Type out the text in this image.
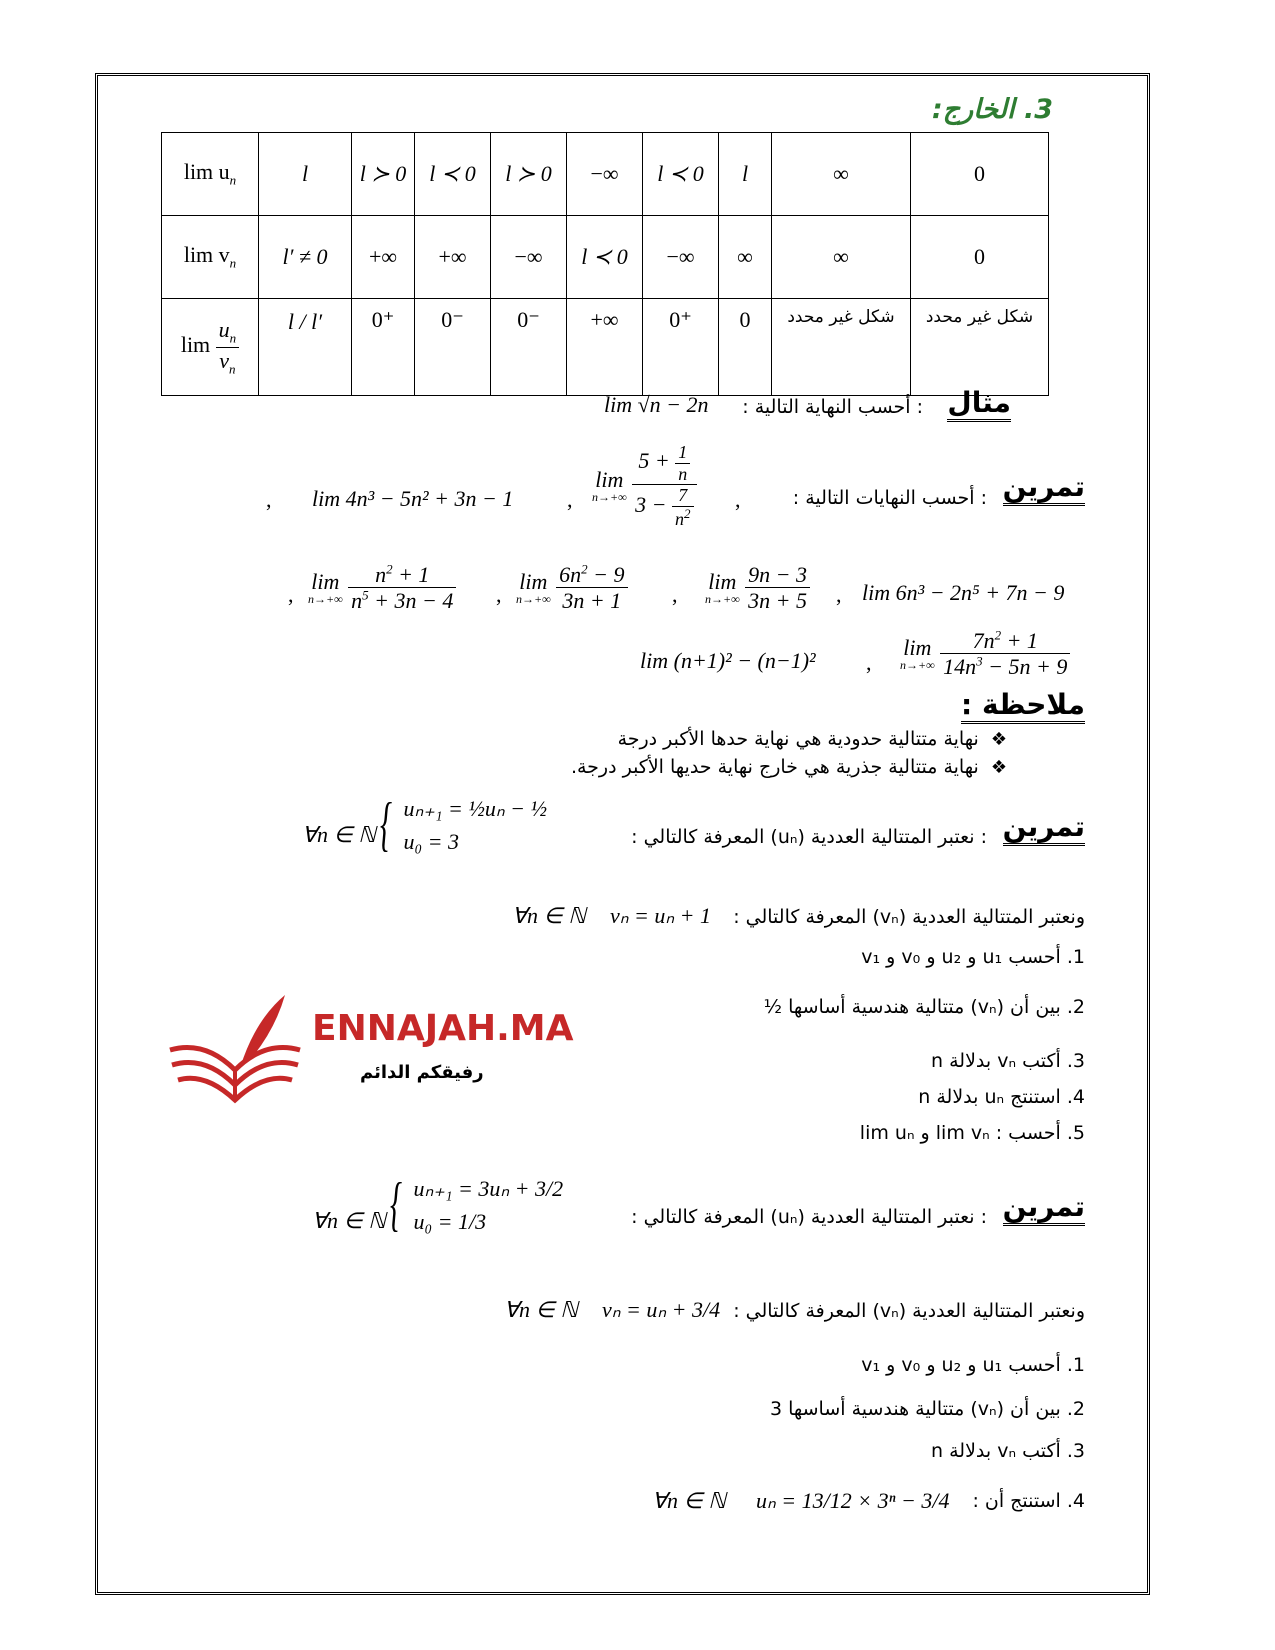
3. الخارج:
$\lim u_n$	l	l ≻ 0	l ≺ 0	l ≻ 0	−∞	l ≺ 0	l	∞	0
$\lim v_n$	l′ ≠ 0	+∞	+∞	−∞	l ≺ 0	−∞	∞	∞	0
$\lim \frac{u_n}{v_n}$	l / l′	0⁺	0⁻	0⁻	+∞	0⁺	0	شكل غير محدد	شكل غير محدد
مثال
: أحسب النهاية التالية :
lim √n − 2n
تمرين
: أحسب النهايات التالية :
,
lim
n→+∞
$\frac{5 + \frac{1}{n}}{3 - \frac{7}{n^2}}$
,
lim 4n³ − 5n² + 3n − 1
,
lim 6n³ − 2n⁵ + 7n − 9
,
lim
n→+∞
$\frac{9n - 3}{3n + 5}$
,
lim
n→+∞
$\frac{6n^2 - 9}{3n + 1}$
,
lim
n→+∞
$\frac{n^2 + 1}{n^5 + 3n - 4}$
,
lim
n→+∞
$\frac{7n^2 + 1}{14n^3 - 5n + 9}$
,
lim (n+1)² − (n−1)²
ملاحظة :
❖  نهاية متتالية حدودية هي نهاية حدها الأكبر درجة
❖  نهاية متتالية جذرية هي خارج نهاية حديها الأكبر درجة.
تمرين
: نعتبر المتتالية العددية (uₙ) المعرفة كالتالي :
∀n ∈ ℕ { uₙ₊₁ = ½uₙ − ½
u₀ = 3
ونعتبر المتتالية العددية (vₙ) المعرفة كالتالي :
vₙ = uₙ + 1
∀n ∈ ℕ
1. أحسب u₁ و u₂ و v₀ و v₁
2. بين أن (vₙ) متتالية هندسية أساسها ½
3. أكتب vₙ بدلالة n
4. استنتج uₙ بدلالة n
5. أحسب : lim vₙ و lim uₙ
ENNAJAH.MA
رفيقكم الدائم
تمرين
: نعتبر المتتالية العددية (uₙ) المعرفة كالتالي :
∀n ∈ ℕ { uₙ₊₁ = 3uₙ + 3/2
u₀ = 1/3
ونعتبر المتتالية العددية (vₙ) المعرفة كالتالي :
vₙ = uₙ + 3/4
∀n ∈ ℕ
1. أحسب u₁ و u₂ و v₀ و v₁
2. بين أن (vₙ) متتالية هندسية أساسها 3
3. أكتب vₙ بدلالة n
4. استنتج أن :
uₙ = 13/12 × 3ⁿ − 3/4
∀n ∈ ℕ
